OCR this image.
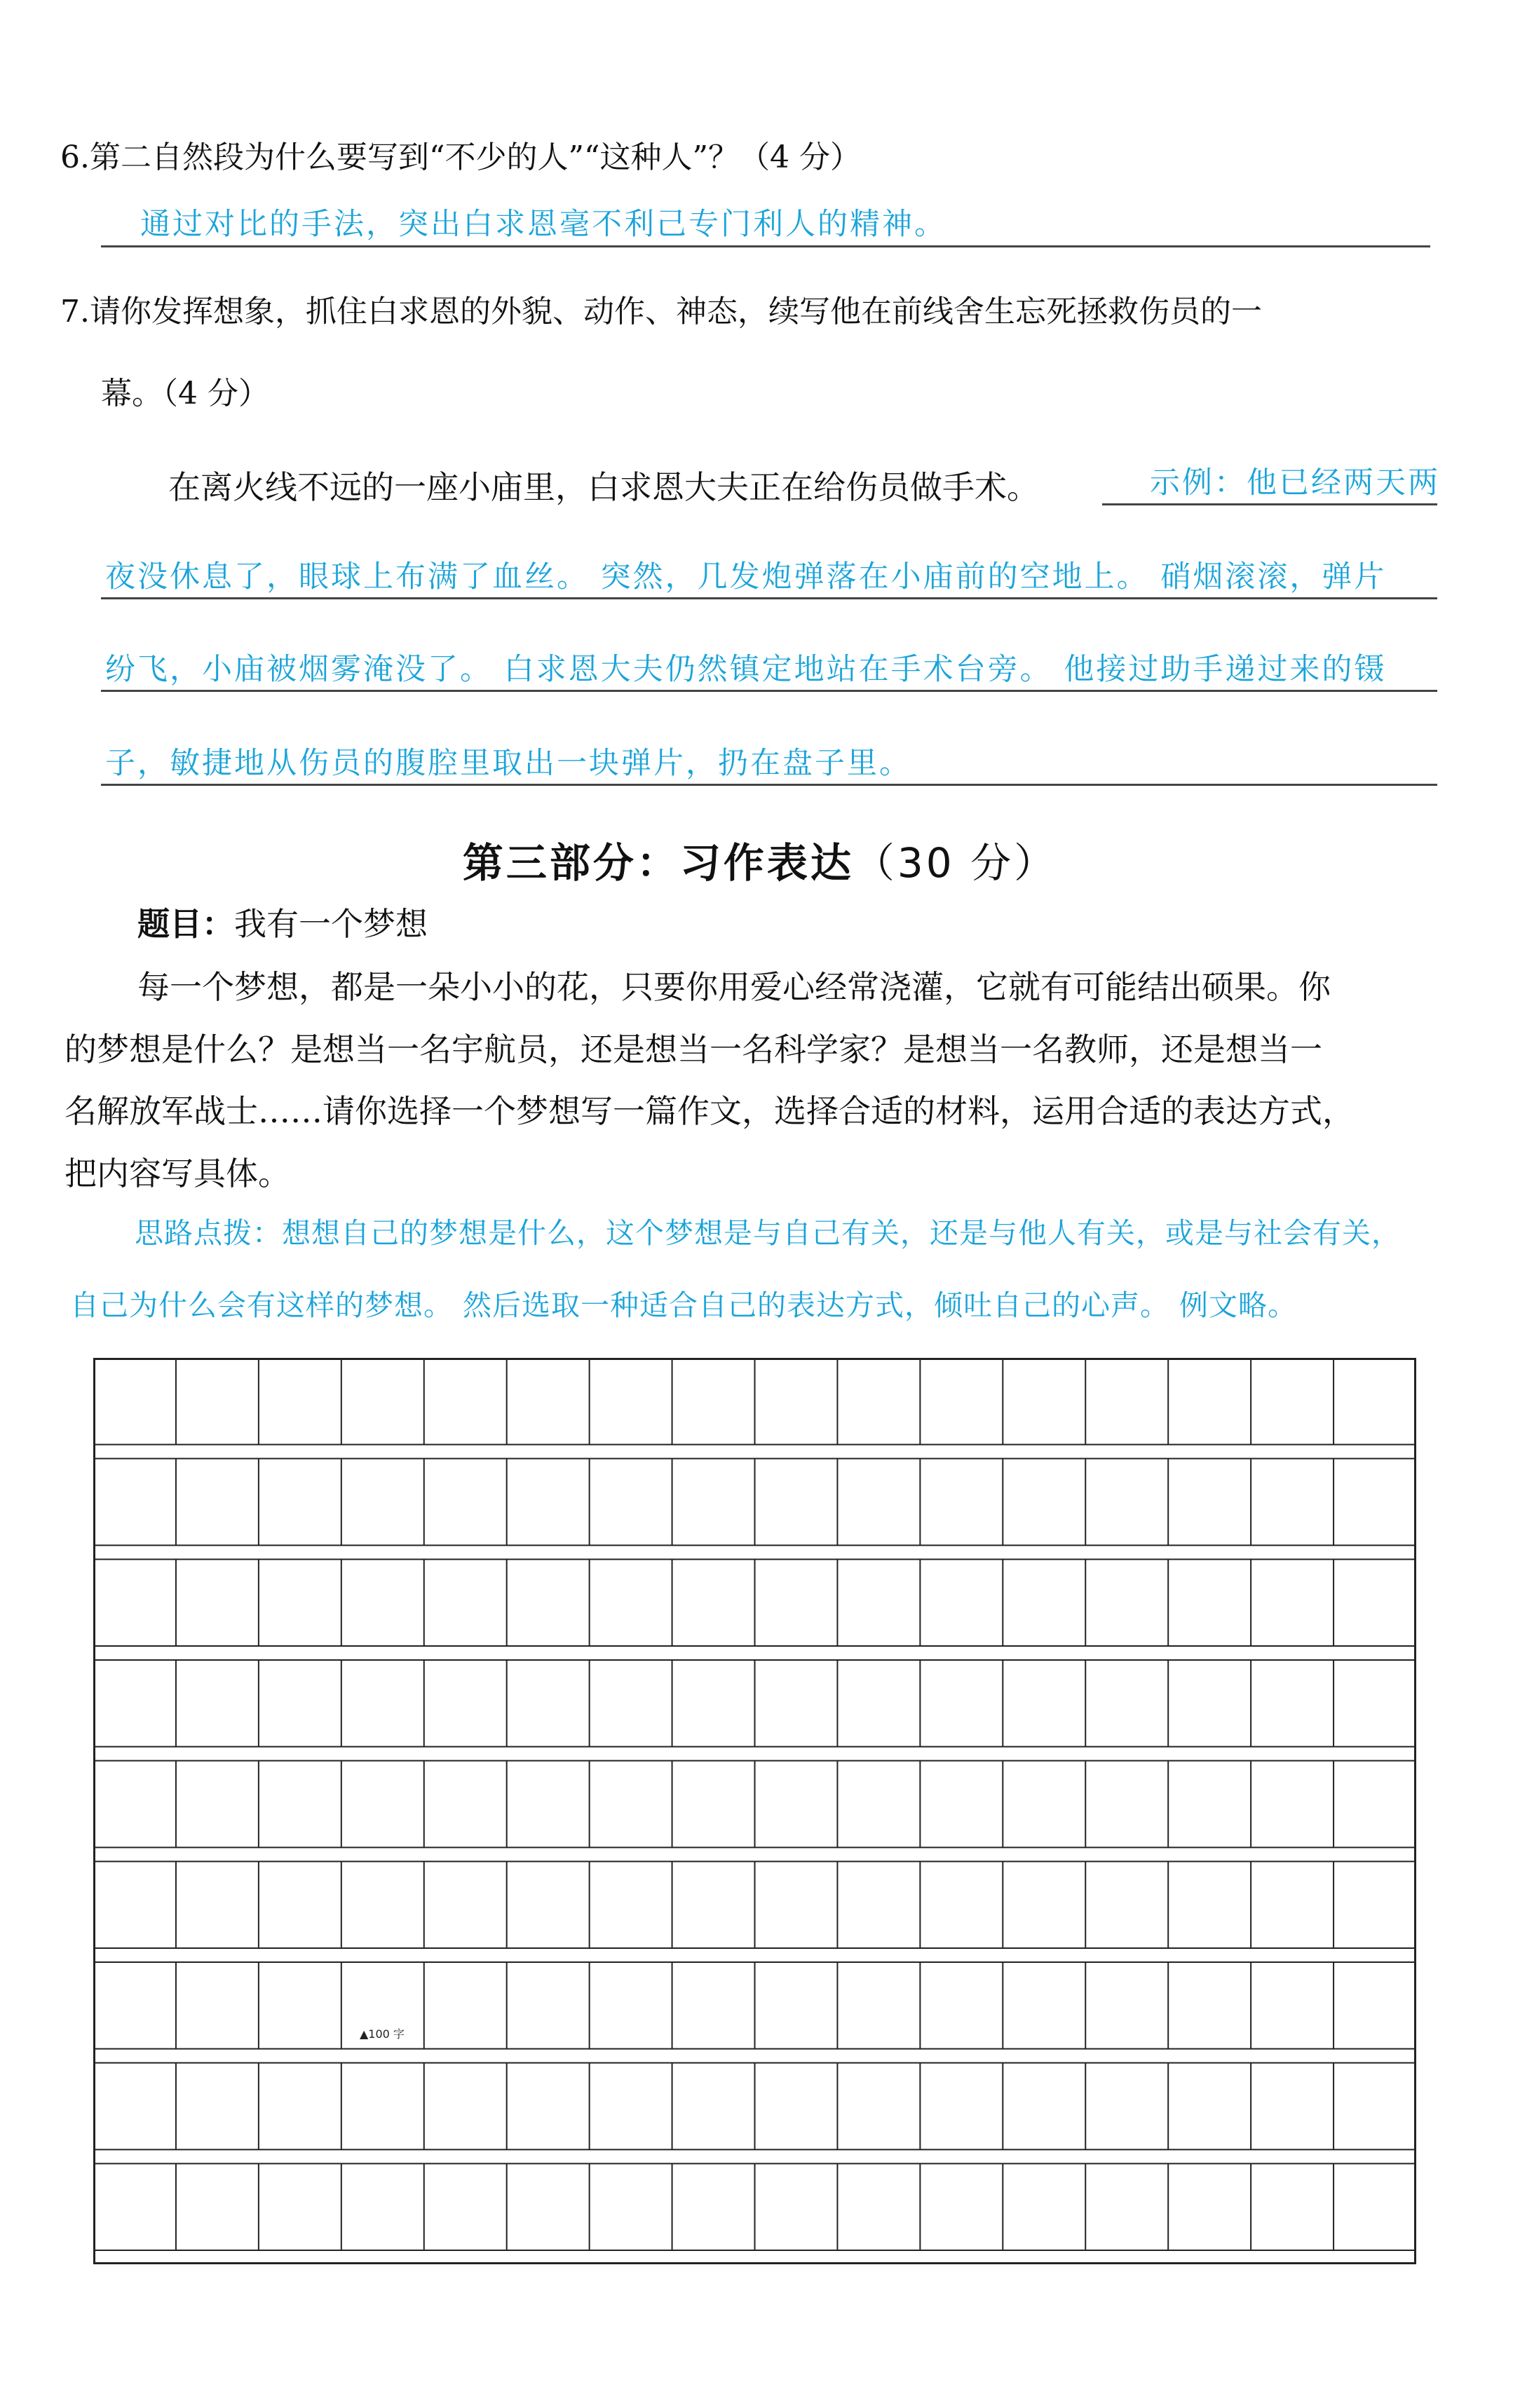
6.第二自然段为什么要写到“不少的人”“这种人”？（4 分）
通过对比的手法，突出白求恩毫不利己专门利人的精神。
7.请你发挥想象，抓住白求恩的外貌、动作、神态，续写他在前线舍生忘死拯救伤员的一
幕。（4 分）
在离火线不远的一座小庙里，白求恩大夫正在给伤员做手术。	示例：他已经两天两
夜没休息了，眼球上布满了血丝。 突然，几发炮弹落在小庙前的空地上。 硝烟滚滚，弹片
纷飞，小庙被烟雾淹没了。 白求恩大夫仍然镇定地站在手术台旁。 他接过助手递过来的镊
子，敏捷地从伤员的腹腔里取出一块弹片，扔在盘子里。
第三部分：习作表达（30 分）
题目：我有一个梦想
每一个梦想，都是一朵小小的花，只要你用爱心经常浇灌，它就有可能结出硕果。你
的梦想是什么？是想当一名宇航员，还是想当一名科学家？是想当一名教师，还是想当一
名解放军战士……请你选择一个梦想写一篇作文，选择合适的材料，运用合适的表达方式，
把内容写具体。
思路点拨：想想自己的梦想是什么，这个梦想是与自己有关，还是与他人有关，或是与社会有关，
自己为什么会有这样的梦想。 然后选取一种适合自己的表达方式，倾吐自己的心声。 例文略。
▲100 字
